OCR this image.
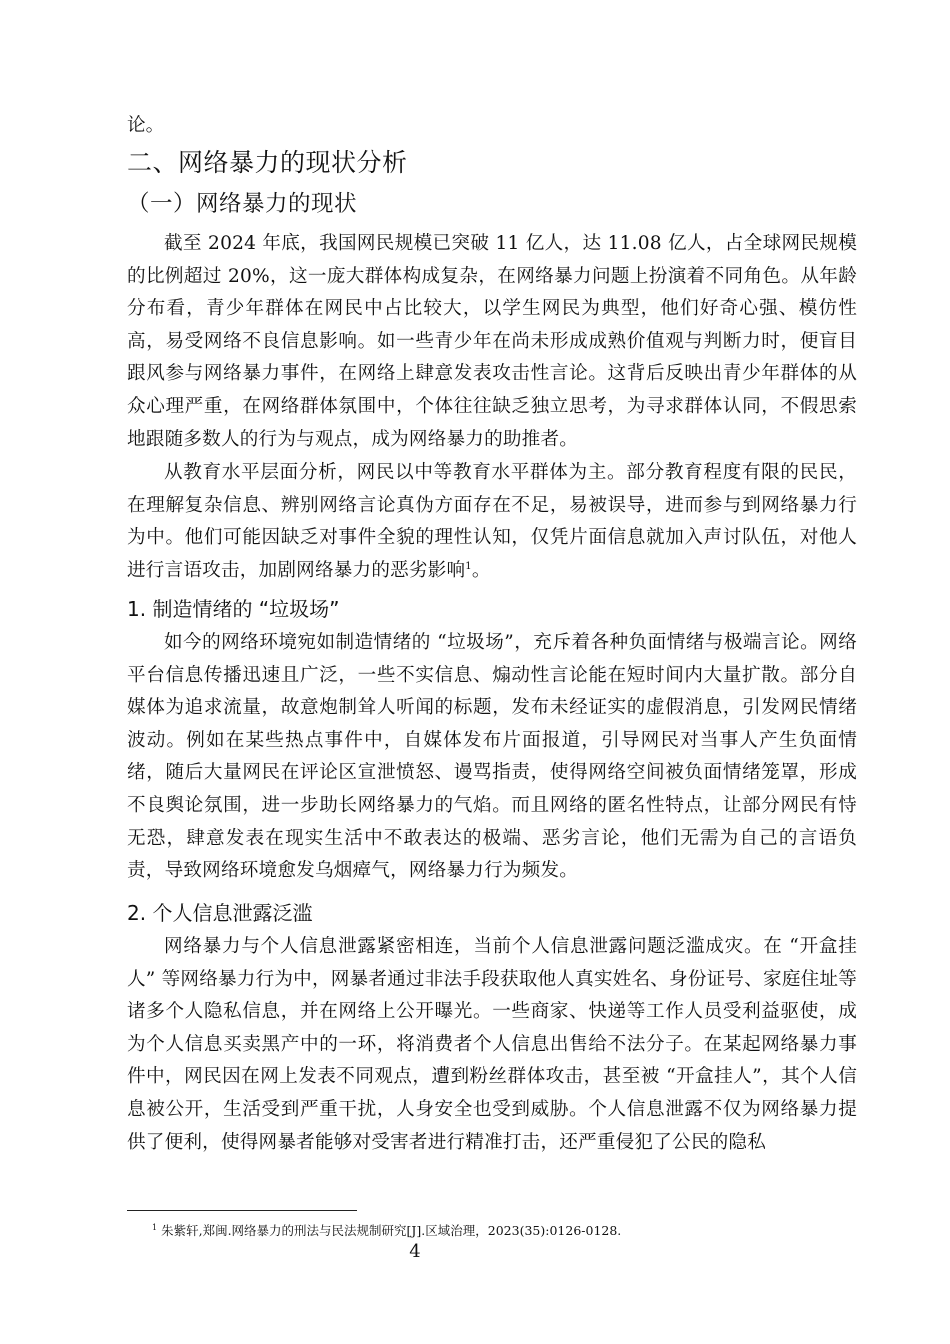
论。
二、网络暴力的现状分析
（一）网络暴力的现状

截至 2024 年底，我国网民规模已突破 11 亿人，达 11.08 亿人，占全球网民规模的比例超过 20%，这一庞大群体构成复杂，在网络暴力问题上扮演着不同角色。从年龄分布看，青少年群体在网民中占比较大，以学生网民为典型，他们好奇心强、模仿性高，易受网络不良信息影响。如一些青少年在尚未形成成熟价值观与判断力时，便盲目跟风参与网络暴力事件，在网络上肆意发表攻击性言论。这背后反映出青少年群体的从众心理严重，在网络群体氛围中，个体往往缺乏独立思考，为寻求群体认同，不假思索地跟随多数人的行为与观点，成为网络暴力的助推者。

从教育水平层面分析，网民以中等教育水平群体为主。部分教育程度有限的民民，在理解复杂信息、辨别网络言论真伪方面存在不足，易被误导，进而参与到网络暴力行为中。他们可能因缺乏对事件全貌的理性认知，仅凭片面信息就加入声讨队伍，对他人进行言语攻击，加剧网络暴力的恶劣影响$^1$。

1. 制造情绪的 “垃圾场”

如今的网络环境宛如制造情绪的 “垃圾场”，充斥着各种负面情绪与极端言论。网络平台信息传播迅速且广泛，一些不实信息、煽动性言论能在短时间内大量扩散。部分自媒体为追求流量，故意炮制耸人听闻的标题，发布未经证实的虚假消息，引发网民情绪波动。例如在某些热点事件中，自媒体发布片面报道，引导网民对当事人产生负面情绪，随后大量网民在评论区宣泄愤怒、谩骂指责，使得网络空间被负面情绪笼罩，形成不良舆论氛围，进一步助长网络暴力的气焰。而且网络的匿名性特点，让部分网民有恃无恐，肆意发表在现实生活中不敢表达的极端、恶劣言论，他们无需为自己的言语负责，导致网络环境愈发乌烟瘴气，网络暴力行为频发。

2. 个人信息泄露泛滥

网络暴力与个人信息泄露紧密相连，当前个人信息泄露问题泛滥成灾。在 “开盒挂人” 等网络暴力行为中，网暴者通过非法手段获取他人真实姓名、身份证号、家庭住址等诸多个人隐私信息，并在网络上公开曝光。一些商家、快递等工作人员受利益驱使，成为个人信息买卖黑产中的一环，将消费者个人信息出售给不法分子。在某起网络暴力事件中，网民因在网上发表不同观点，遭到粉丝群体攻击，甚至被 “开盒挂人”，其个人信息被公开，生活受到严重干扰，人身安全也受到威胁。个人信息泄露不仅为网络暴力提供了便利，使得网暴者能够对受害者进行精准打击，还严重侵犯了公民的隐私

$^1$ 朱紫轩,郑闽.网络暴力的刑法与民法规制研究[J].区域治理，2023(35):0126-0128.
4
